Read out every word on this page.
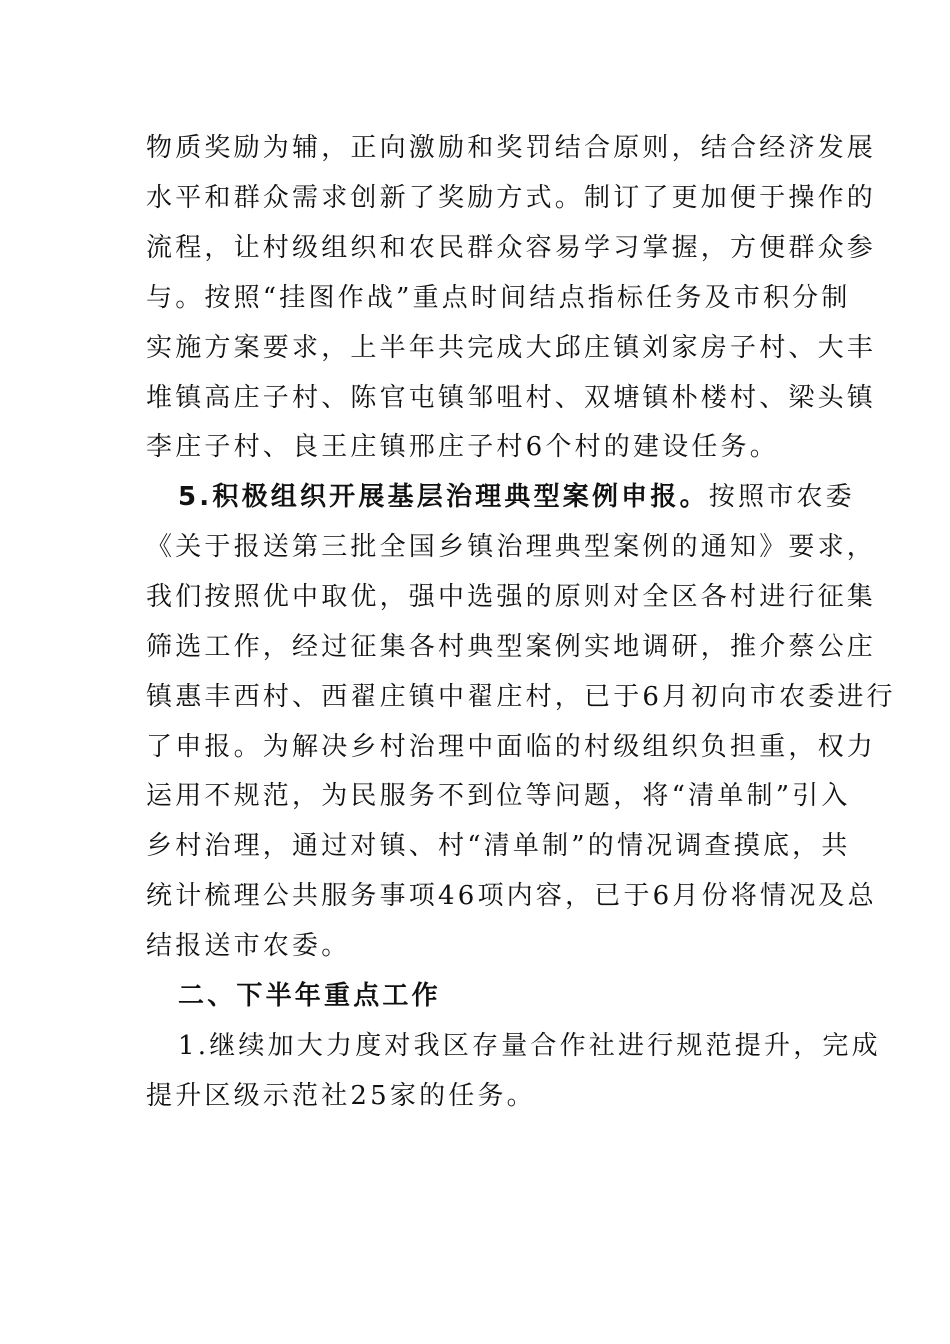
物质奖励为辅，正向激励和奖罚结合原则，结合经济发展
水平和群众需求创新了奖励方式。制订了更加便于操作的
流程，让村级组织和农民群众容易学习掌握，方便群众参
与。按照“挂图作战”重点时间结点指标任务及市积分制
实施方案要求，上半年共完成大邱庄镇刘家房子村、大丰
堆镇高庄子村、陈官屯镇邹咀村、双塘镇朴楼村、梁头镇
李庄子村、良王庄镇邢庄子村6个村的建设任务。
5.积极组织开展基层治理典型案例申报。按照市农委
《关于报送第三批全国乡镇治理典型案例的通知》要求，
我们按照优中取优，强中选强的原则对全区各村进行征集
筛选工作，经过征集各村典型案例实地调研，推介蔡公庄
镇惠丰西村、西翟庄镇中翟庄村，已于6月初向市农委进行
了申报。为解决乡村治理中面临的村级组织负担重，权力
运用不规范，为民服务不到位等问题，将“清单制”引入
乡村治理，通过对镇、村“清单制”的情况调查摸底，共
统计梳理公共服务事项46项内容，已于6月份将情况及总
结报送市农委。
二、下半年重点工作
1.继续加大力度对我区存量合作社进行规范提升，完成
提升区级示范社25家的任务。
